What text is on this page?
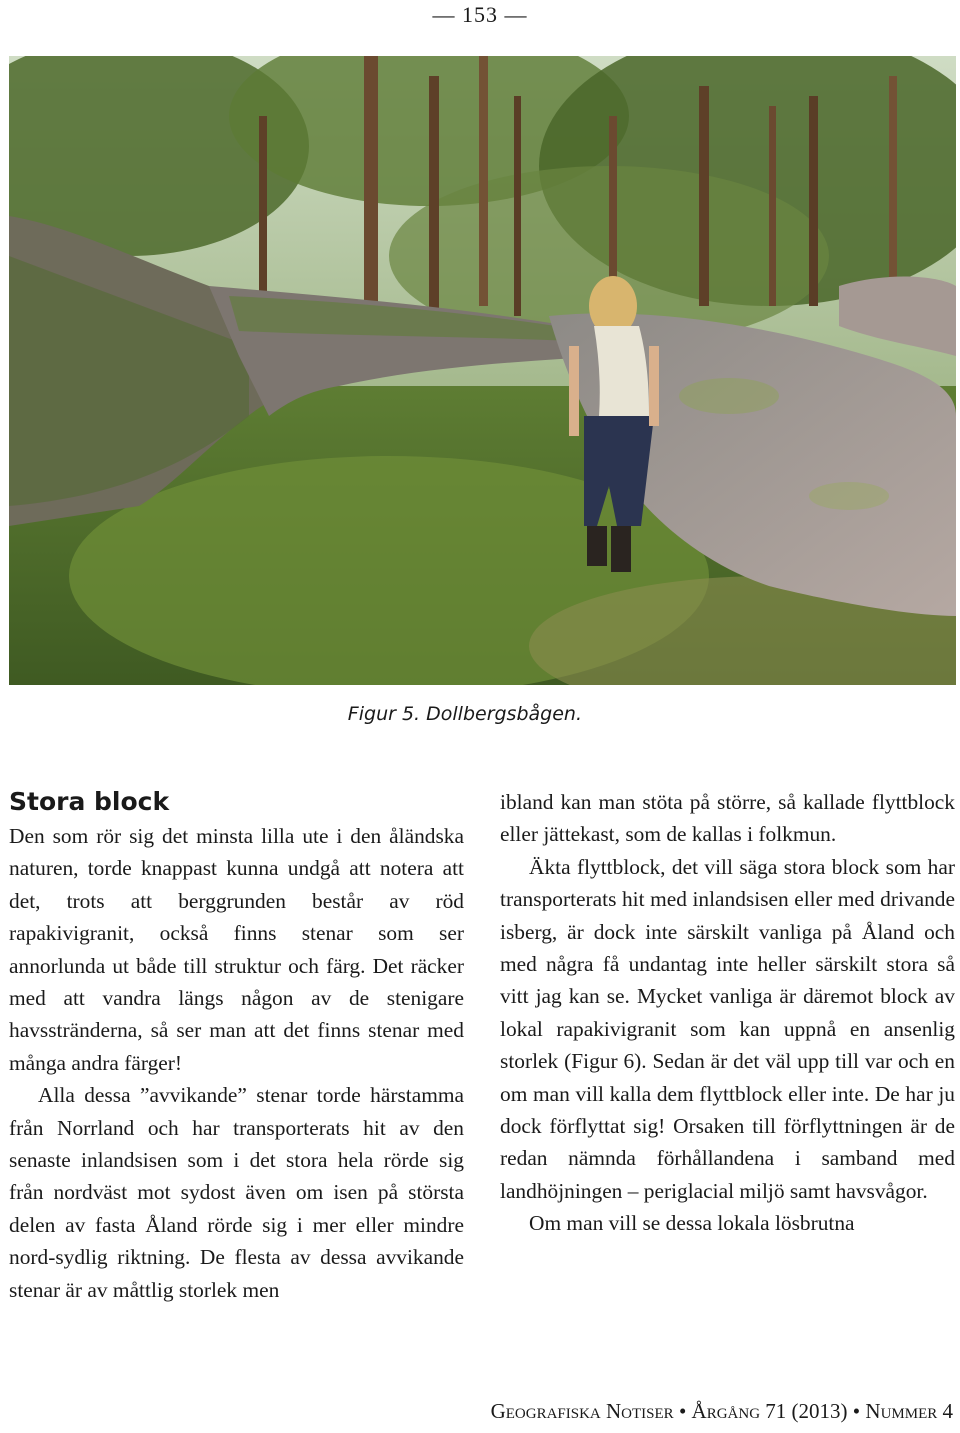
— 153 —
Figur 5. Dollbergsbågen.
Stora block

Den som rör sig det minsta lilla ute i den åländska naturen, torde knappast kunna undgå att notera att det, trots att berggrunden består av röd rapakivigranit, också finns stenar som ser annorlunda ut både till struktur och färg. Det räcker med att vandra längs någon av de stenigare havsstränderna, så ser man att det finns stenar med många andra färger!

Alla dessa ”avvikande” stenar torde härstamma från Norrland och har transporterats hit av den senaste inlandsisen som i det stora hela rörde sig från nordväst mot sydost även om isen på största delen av fasta Åland rörde sig i mer eller mindre nord-sydlig riktning. De flesta av dessa avvikande stenar är av måttlig storlek men

ibland kan man stöta på större, så kallade flyttblock eller jättekast, som de kallas i folkmun.

Äkta flyttblock, det vill säga stora block som har transporterats hit med inlandsisen eller med drivande isberg, är dock inte särskilt vanliga på Åland och med några få undantag inte heller särskilt stora så vitt jag kan se. Mycket vanliga är däremot block av lokal rapakivigranit som kan uppnå en ansenlig storlek (Figur 6). Sedan är det väl upp till var och en om man vill kalla dem flyttblock eller inte. De har ju dock förflyttat sig! Orsaken till förflyttningen är de redan nämnda förhållandena i samband med landhöjningen – periglacial miljö samt havsvågor.

Om man vill se dessa lokala lösbrutna

Geografiska Notiser • Årgång 71 (2013) • Nummer 4
